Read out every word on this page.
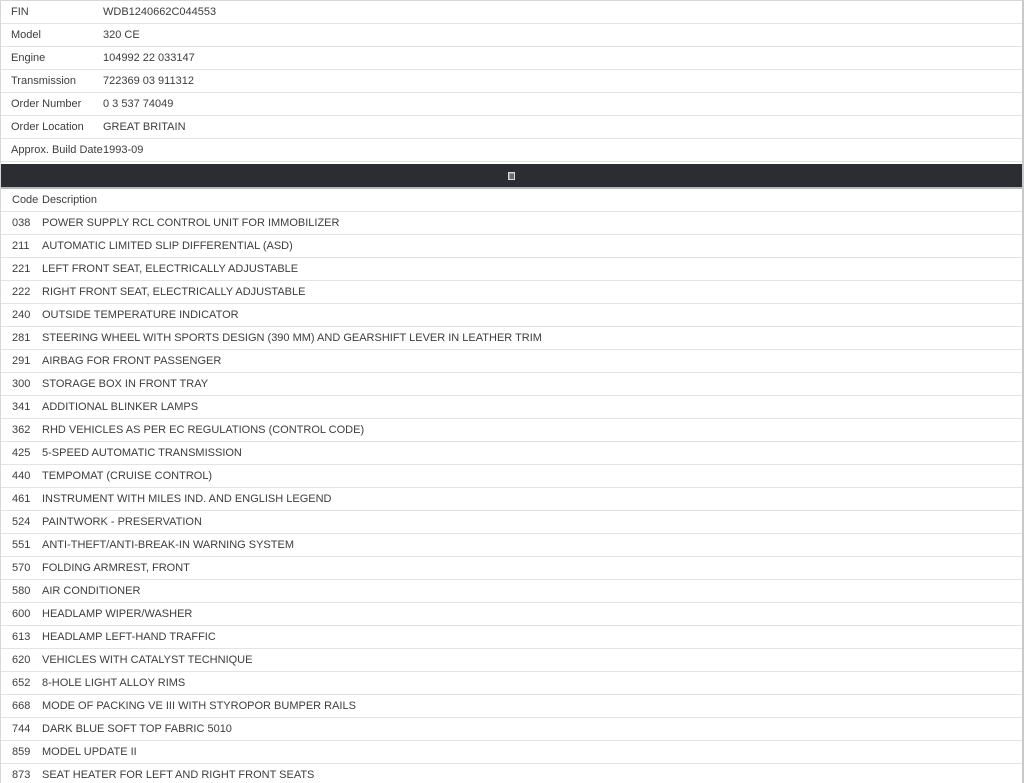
FIN	WDB1240662C044553
Model	320 CE
Engine	104992 22 033147
Transmission	722369 03 911312
Order Number	0 3 537 74049
Order Location	GREAT BRITAIN
Approx. Build Date 1993-09
Code Description
038	POWER SUPPLY RCL CONTROL UNIT FOR IMMOBILIZER
211	AUTOMATIC LIMITED SLIP DIFFERENTIAL (ASD)
221	LEFT FRONT SEAT, ELECTRICALLY ADJUSTABLE
222	RIGHT FRONT SEAT, ELECTRICALLY ADJUSTABLE
240	OUTSIDE TEMPERATURE INDICATOR
281	STEERING WHEEL WITH SPORTS DESIGN (390 MM) AND GEARSHIFT LEVER IN LEATHER TRIM
291	AIRBAG FOR FRONT PASSENGER
300	STORAGE BOX IN FRONT TRAY
341	ADDITIONAL BLINKER LAMPS
362	RHD VEHICLES AS PER EC REGULATIONS (CONTROL CODE)
425	5-SPEED AUTOMATIC TRANSMISSION
440	TEMPOMAT (CRUISE CONTROL)
461	INSTRUMENT WITH MILES IND. AND ENGLISH LEGEND
524	PAINTWORK - PRESERVATION
551	ANTI-THEFT/ANTI-BREAK-IN WARNING SYSTEM
570	FOLDING ARMREST, FRONT
580	AIR CONDITIONER
600	HEADLAMP WIPER/WASHER
613	HEADLAMP LEFT-HAND TRAFFIC
620	VEHICLES WITH CATALYST TECHNIQUE
652	8-HOLE LIGHT ALLOY RIMS
668	MODE OF PACKING VE III WITH STYROPOR BUMPER RAILS
744	DARK BLUE SOFT TOP FABRIC 5010
859	MODEL UPDATE II
873	SEAT HEATER FOR LEFT AND RIGHT FRONT SEATS
